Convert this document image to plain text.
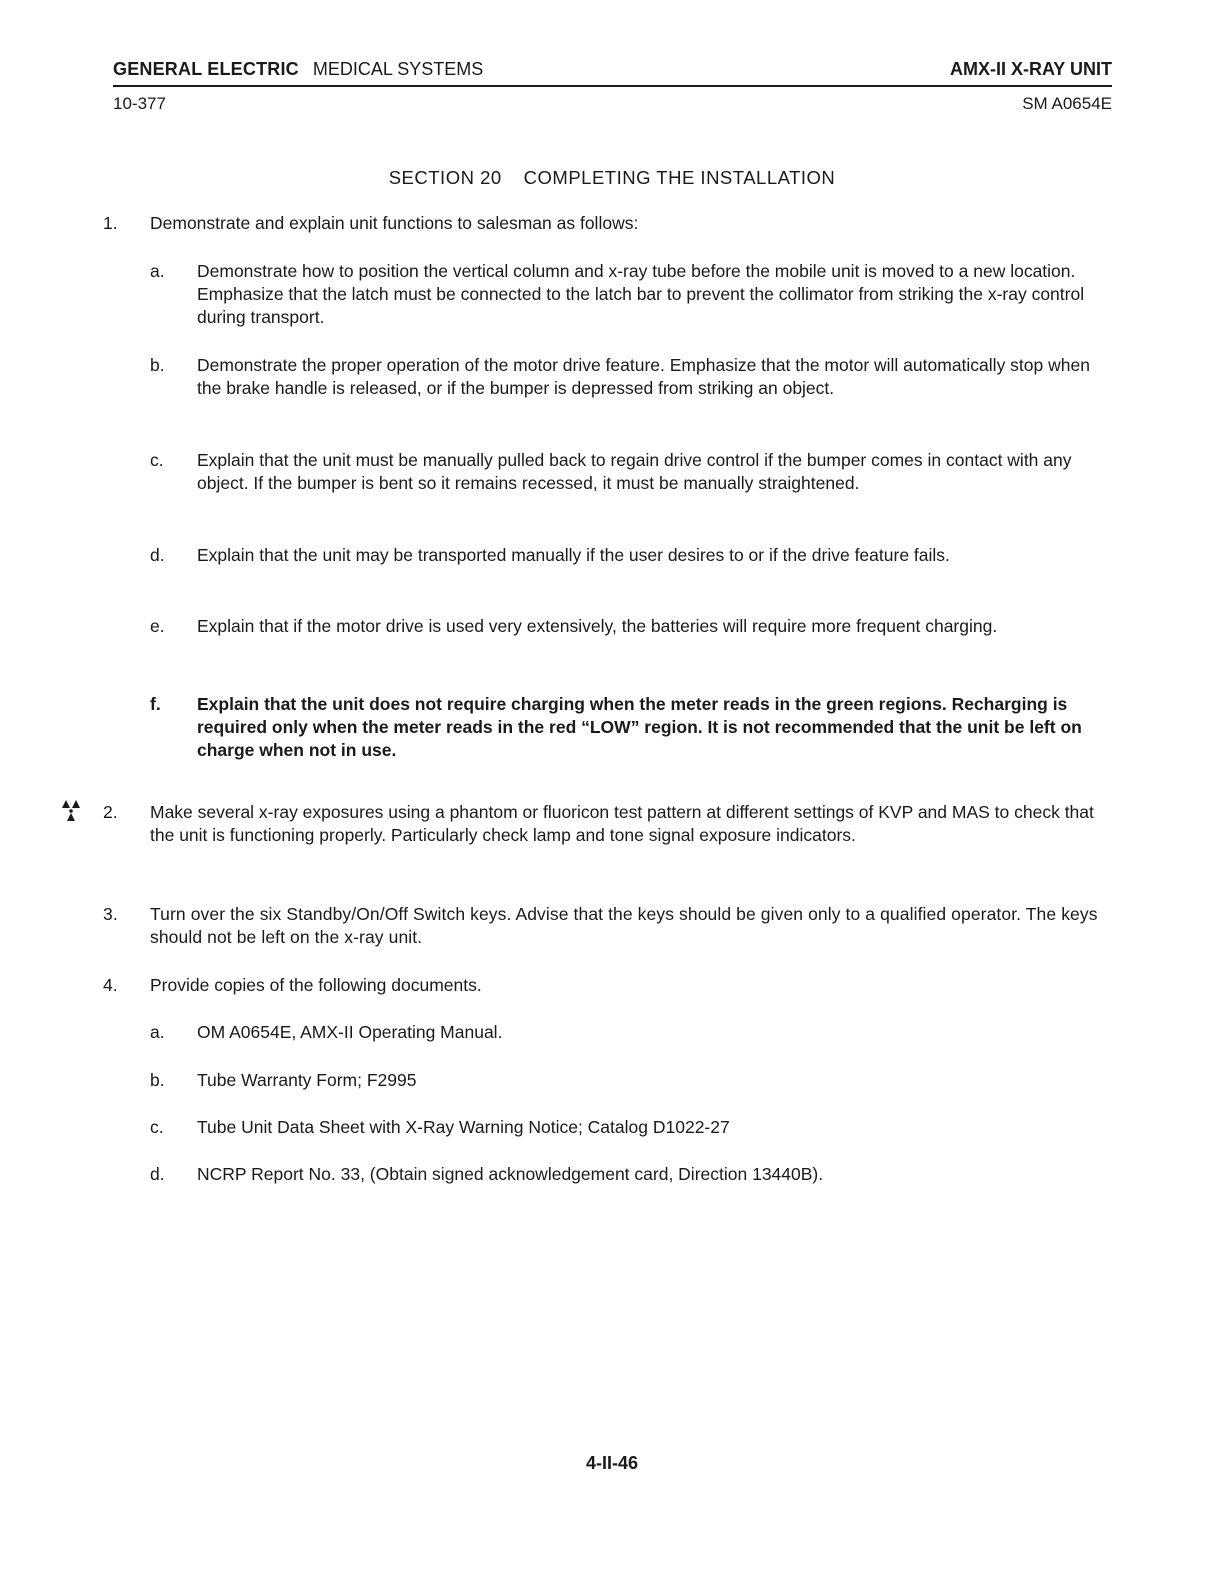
GENERAL ELECTRIC MEDICAL SYSTEMS	AMX-II X-RAY UNIT
10-377	SM A0654E
SECTION 20 COMPLETING THE INSTALLATION
1.	Demonstrate and explain unit functions to salesman as follows:
a.	Demonstrate how to position the vertical column and x-ray tube before the mobile unit is moved to a new location. Emphasize that the latch must be connected to the latch bar to prevent the collimator from striking the x-ray control during transport.
b.	Demonstrate the proper operation of the motor drive feature. Emphasize that the motor will automatically stop when the brake handle is released, or if the bumper is depressed from striking an object.
c.	Explain that the unit must be manually pulled back to regain drive control if the bumper comes in contact with any object. If the bumper is bent so it remains recessed, it must be manually straightened.
d.	Explain that the unit may be transported manually if the user desires to or if the drive feature fails.
e.	Explain that if the motor drive is used very extensively, the batteries will require more frequent charging.
f.	Explain that the unit does not require charging when the meter reads in the green regions. Recharging is required only when the meter reads in the red “LOW” region. It is not recommended that the unit be left on charge when not in use.
2.	Make several x-ray exposures using a phantom or fluoricon test pattern at different settings of KVP and MAS to check that the unit is functioning properly. Particularly check lamp and tone signal exposure indicators.
3.	Turn over the six Standby/On/Off Switch keys. Advise that the keys should be given only to a qualified operator. The keys should not be left on the x-ray unit.
4.	Provide copies of the following documents.
a.	OM A0654E, AMX-II Operating Manual.
b.	Tube Warranty Form; F2995
c.	Tube Unit Data Sheet with X-Ray Warning Notice; Catalog D1022-27
d.	NCRP Report No. 33, (Obtain signed acknowledgement card, Direction 13440B).
4-II-46
